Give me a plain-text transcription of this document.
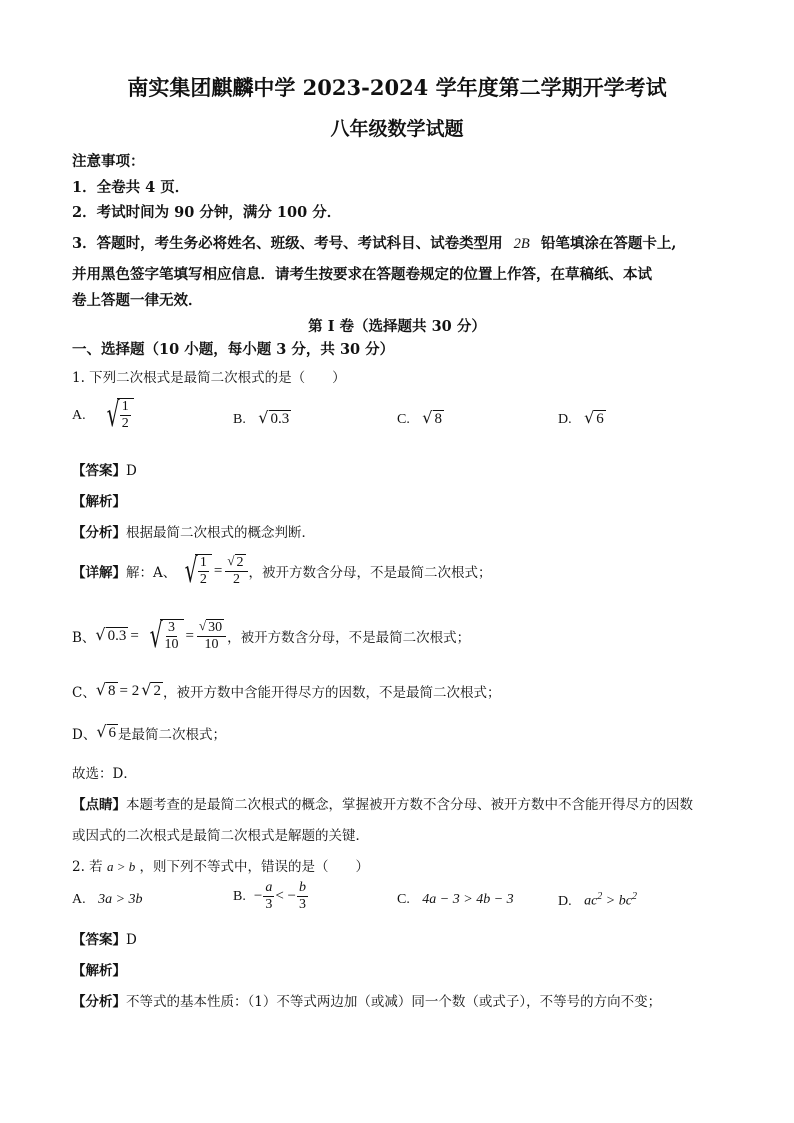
南实集团麒麟中学 2023-2024 学年度第二学期开学考试
八年级数学试题
注意事项：
1．全卷共 4 页．
2．考试时间为 90 分钟，满分 100 分．
3．答题时，考生务必将姓名、班级、考号、考试科目、试卷类型用 2B 铅笔填涂在答题卡上,
并用黑色签字笔填写相应信息．请考生按要求在答题卷规定的位置上作答，在草稿纸、本试
卷上答题一律无效．
第 I 卷（选择题共 30 分）
一、选择题（10 小题，每小题 3 分，共 30 分）
1. 下列二次根式是最简二次根式的是（　　）
A. √ $\frac{1}{2}$	B. √ 0.3	C. √ 8	D. √ 6
【答案】D
【解析】
【分析】根据最简二次根式的概念判断．
【详解】 解：A、 √ $\frac{1}{2} = \frac{√ 2}{2}$ ，被开方数含分母，不是最简二次根式；
B、 √ 0.3 = √ $\frac{3}{10} = \frac{√ 30}{10}$ ，被开方数含分母，不是最简二次根式；
C、 √ 8 = 2 √ 2 ，被开方数中含能开得尽方的因数，不是最简二次根式；
D、 √ 6 是最简二次根式；
故选：D．
【点睛】本题考查的是最简二次根式的概念，掌握被开方数不含分母、被开方数中不含能开得尽方的因数
或因式的二次根式是最简二次根式是解题的关键．
2. 若 a > b ，则下列不等式中，错误的是（　　）
A. 3a > 3b	B. − $\frac{a}{3}$ < − $\frac{b}{3}$	C. 4a − 3 > 4b − 3	D. $ac^2 > bc^2$
【答案】D
【解析】
【分析】不等式的基本性质：（1）不等式两边加（或减）同一个数（或式子），不等号的方向不变；
